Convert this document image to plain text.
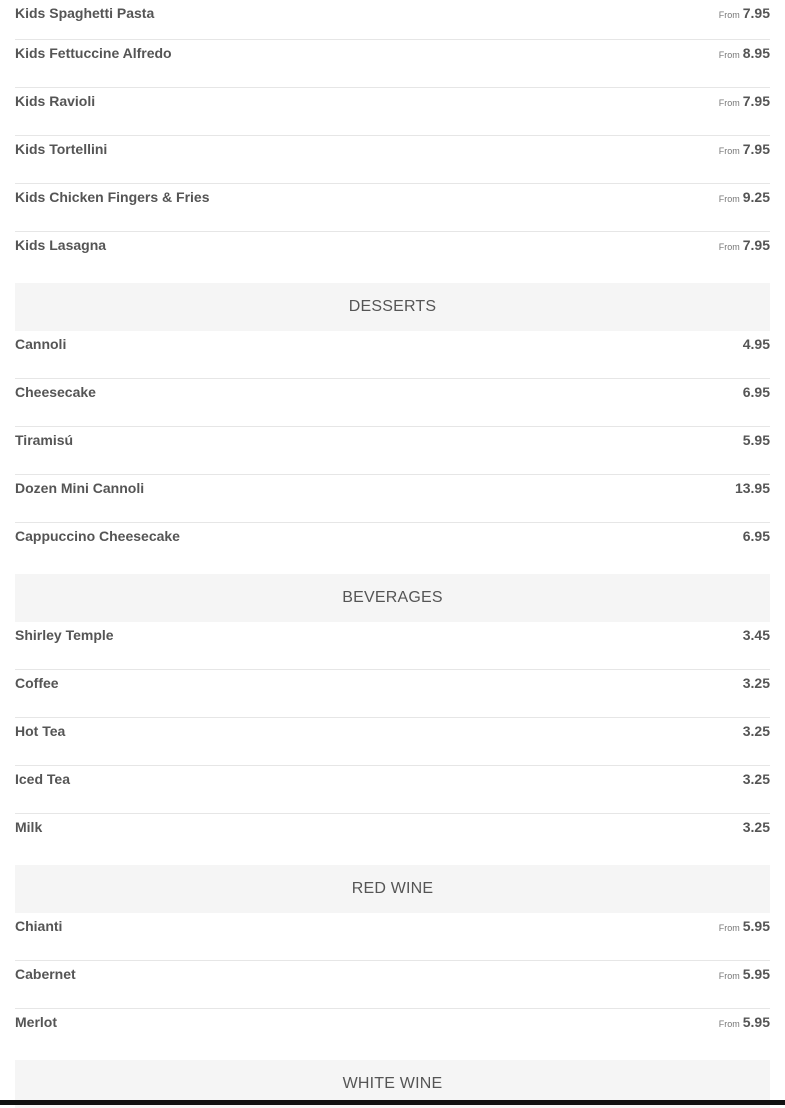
Kids Spaghetti Pasta	From 7.95
Kids Fettuccine Alfredo	From 8.95
Kids Ravioli	From 7.95
Kids Tortellini	From 7.95
Kids Chicken Fingers & Fries	From 9.25
Kids Lasagna	From 7.95
DESSERTS
Cannoli	4.95
Cheesecake	6.95
Tiramisú	5.95
Dozen Mini Cannoli	13.95
Cappuccino Cheesecake	6.95
BEVERAGES
Shirley Temple	3.45
Coffee	3.25
Hot Tea	3.25
Iced Tea	3.25
Milk	3.25
RED WINE
Chianti	From 5.95
Cabernet	From 5.95
Merlot	From 5.95
WHITE WINE
